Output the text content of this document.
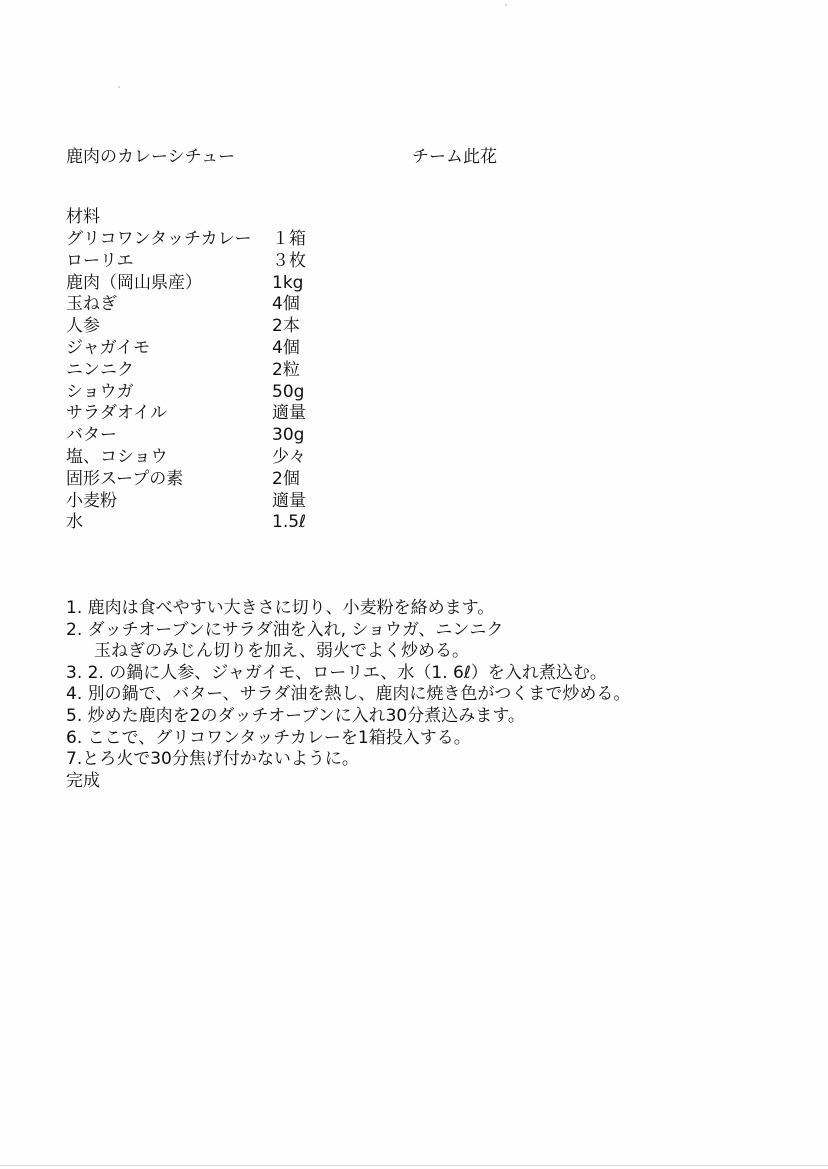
鹿肉のカレーシチュー	チーム此花
材料
グリコワンタッチカレー １箱
ローリエ	３枚
鹿肉（岡山県産）	1kg
玉ねぎ	4個
人参	2本
ジャガイモ	4個
ニンニク	2粒
ショウガ	50g
サラダオイル	適量
バター	30g
塩、コショウ	少々
固形スープの素	2個
小麦粉	適量
水	1.5ℓ
1. 鹿肉は食べやすい大きさに切り、小麦粉を絡めます。
2. ダッチオーブンにサラダ油を入れ, ショウガ、ニンニク
玉ねぎのみじん切りを加え、弱火でよく炒める。
3. 2. の鍋に人参、ジャガイモ、ローリエ、水（1. 6ℓ）を入れ煮込む。
4. 別の鍋で、バター、サラダ油を熱し、鹿肉に焼き色がつくまで炒める。
5. 炒めた鹿肉を2のダッチオーブンに入れ30分煮込みます。
6. ここで、グリコワンタッチカレーを1箱投入する。
7.とろ火で30分焦げ付かないように。
完成
